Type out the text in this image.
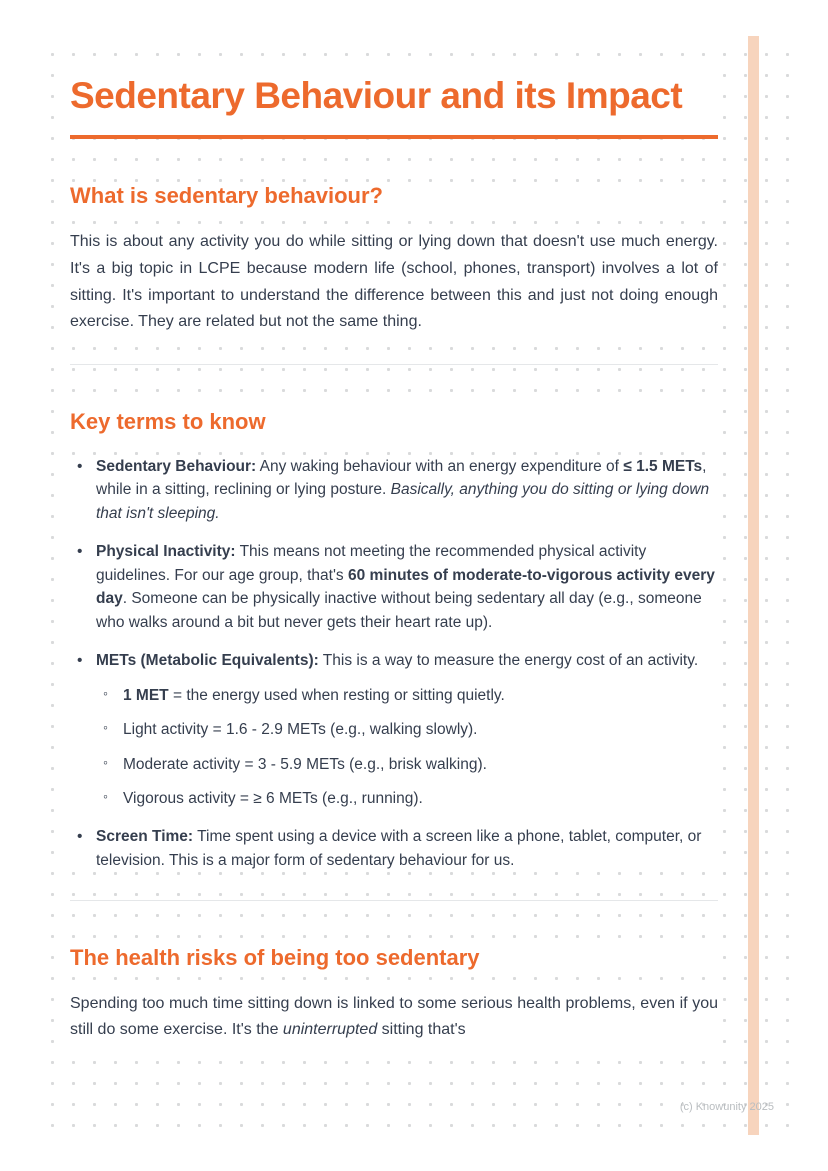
Sedentary Behaviour and its Impact
What is sedentary behaviour?

This is about any activity you do while sitting or lying down that doesn't use much energy. It's a big topic in LCPE because modern life (school, phones, transport) involves a lot of sitting. It's important to understand the difference between this and just not doing enough exercise. They are related but not the same thing.

Key terms to know
• Sedentary Behaviour: Any waking behaviour with an energy expenditure of ≤ 1.5 METs, while in a sitting, reclining or lying posture. Basically, anything you do sitting or lying down that isn't sleeping.
• Physical Inactivity: This means not meeting the recommended physical activity guidelines. For our age group, that's 60 minutes of moderate-to-vigorous activity every day. Someone can be physically inactive without being sedentary all day (e.g., someone who walks around a bit but never gets their heart rate up).
• METs (Metabolic Equivalents): This is a way to measure the energy cost of an activity.
◦ 1 MET = the energy used when resting or sitting quietly.
◦ Light activity = 1.6 - 2.9 METs (e.g., walking slowly).
◦ Moderate activity = 3 - 5.9 METs (e.g., brisk walking).
◦ Vigorous activity = ≥ 6 METs (e.g., running).
• Screen Time: Time spent using a device with a screen like a phone, tablet, computer, or television. This is a major form of sedentary behaviour for us.
The health risks of being too sedentary

Spending too much time sitting down is linked to some serious health problems, even if you still do some exercise. It's the uninterrupted sitting that's

(c) Knowunity 2025
